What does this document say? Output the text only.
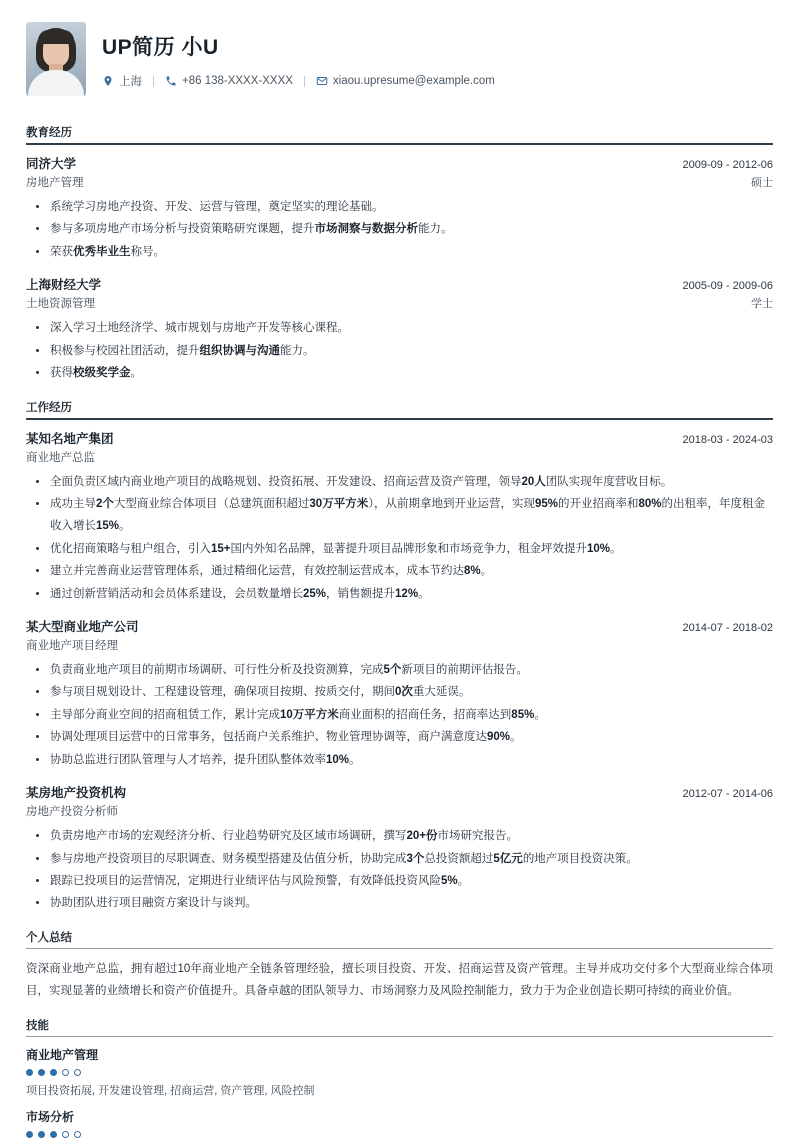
UP简历 小U
上海	+86 138-XXXX-XXXX	xiaou.upresume@example.com
教育经历
同济大学	2009-09 - 2012-06
房地产管理	硕士
系统学习房地产投资、开发、运营与管理，奠定坚实的理论基础。
参与多项房地产市场分析与投资策略研究课题，提升市场洞察与数据分析能力。
荣获优秀毕业生称号。
上海财经大学	2005-09 - 2009-06
土地资源管理	学士
深入学习土地经济学、城市规划与房地产开发等核心课程。
积极参与校园社团活动，提升组织协调与沟通能力。
获得校级奖学金。
工作经历
某知名地产集团	2018-03 - 2024-03
商业地产总监
全面负责区域内商业地产项目的战略规划、投资拓展、开发建设、招商运营及资产管理，领导20人团队实现年度营收目标。
成功主导2个大型商业综合体项目（总建筑面积超过30万平方米），从前期拿地到开业运营，实现95%的开业招商率和80%的出租率，年度租金收入增长15%。
优化招商策略与租户组合，引入15+国内外知名品牌，显著提升项目品牌形象和市场竞争力，租金坪效提升10%。
建立并完善商业运营管理体系，通过精细化运营，有效控制运营成本，成本节约达8%。
通过创新营销活动和会员体系建设，会员数量增长25%，销售额提升12%。
某大型商业地产公司	2014-07 - 2018-02
商业地产项目经理
负责商业地产项目的前期市场调研、可行性分析及投资测算，完成5个新项目的前期评估报告。
参与项目规划设计、工程建设管理，确保项目按期、按质交付，期间0次重大延误。
主导部分商业空间的招商租赁工作，累计完成10万平方米商业面积的招商任务，招商率达到85%。
协调处理项目运营中的日常事务，包括商户关系维护、物业管理协调等，商户满意度达90%。
协助总监进行团队管理与人才培养，提升团队整体效率10%。
某房地产投资机构	2012-07 - 2014-06
房地产投资分析师
负责房地产市场的宏观经济分析、行业趋势研究及区域市场调研，撰写20+份市场研究报告。
参与房地产投资项目的尽职调查、财务模型搭建及估值分析，协助完成3个总投资额超过5亿元的地产项目投资决策。
跟踪已投项目的运营情况，定期进行业绩评估与风险预警，有效降低投资风险5%。
协助团队进行项目融资方案设计与谈判。
个人总结
资深商业地产总监，拥有超过10年商业地产全链条管理经验，擅长项目投资、开发、招商运营及资产管理。主导并成功交付多个大型商业综合体项目，实现显著的业绩增长和资产价值提升。具备卓越的团队领导力、市场洞察力及风险控制能力，致力于为企业创造长期可持续的商业价值。
技能
商业地产管理
项目投资拓展, 开发建设管理, 招商运营, 资产管理, 风险控制
市场分析
